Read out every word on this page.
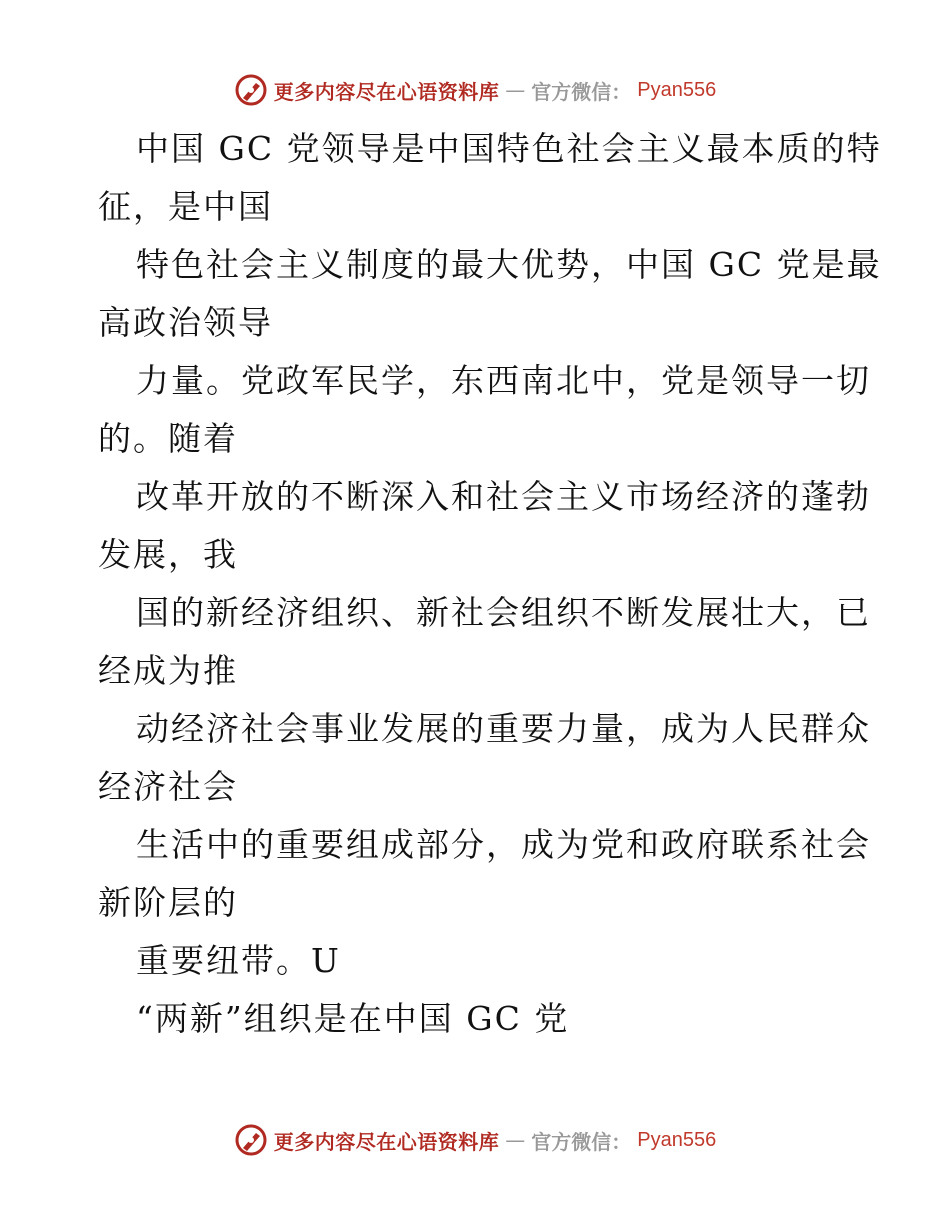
更多内容尽在心语资料库 — 官方微信： Pyan556

中国 GC 党领导是中国特色社会主义最本质的特
征，是中国

特色社会主义制度的最大优势，中国 GC 党是最
高政治领导

力量。党政军民学，东西南北中，党是领导一切
的。随着

改革开放的不断深入和社会主义市场经济的蓬勃
发展，我

国的新经济组织、新社会组织不断发展壮大，已
经成为推

动经济社会事业发展的重要力量，成为人民群众
经济社会

生活中的重要组成部分，成为党和政府联系社会
新阶层的

重要纽带。U

“两新”组织是在中国 GC 党

更多内容尽在心语资料库 — 官方微信： Pyan556
